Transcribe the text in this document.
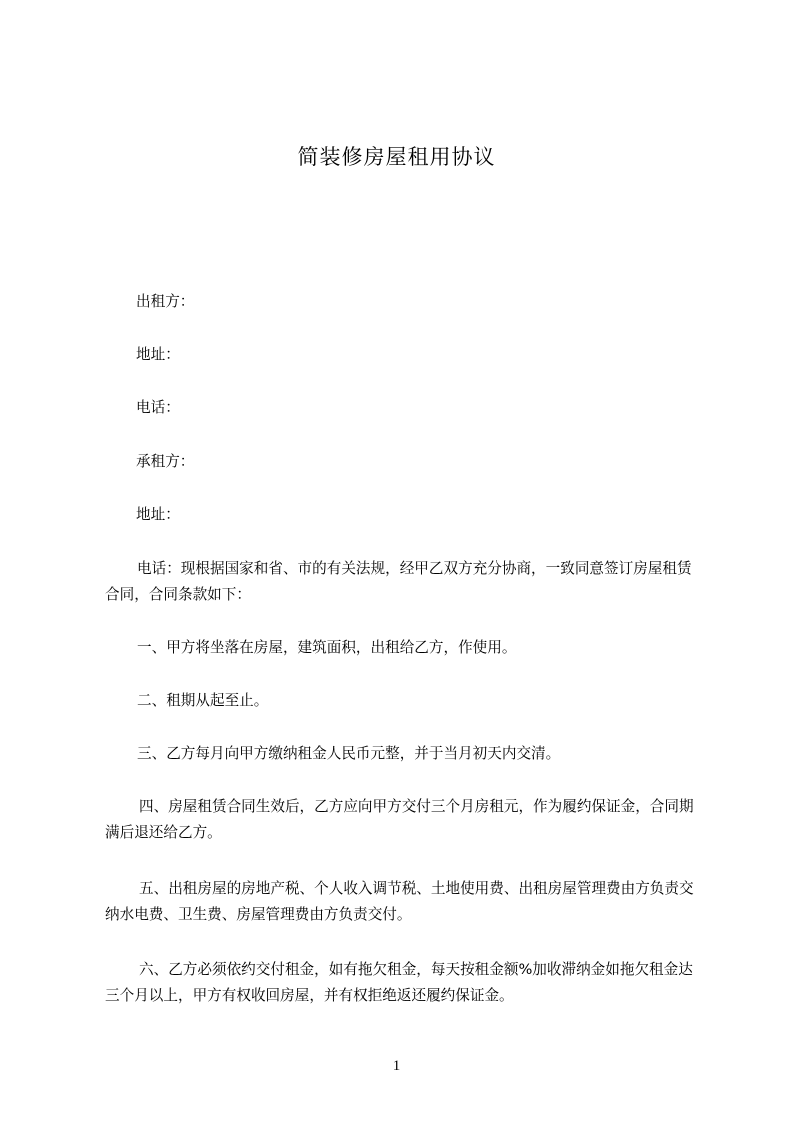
简装修房屋租用协议
出租方：
地址：
电话：
承租方：
地址：
电话：现根据国家和省、市的有关法规，经甲乙双方充分协商，一致同意签订房屋租赁合同，合同条款如下：
一、甲方将坐落在房屋，建筑面积，出租给乙方，作使用。
二、租期从起至止。
三、乙方每月向甲方缴纳租金人民币元整，并于当月初天内交清。
四、房屋租赁合同生效后，乙方应向甲方交付三个月房租元，作为履约保证金，合同期满后退还给乙方。
五、出租房屋的房地产税、个人收入调节税、土地使用费、出租房屋管理费由方负责交纳水电费、卫生费、房屋管理费由方负责交付。
六、乙方必须依约交付租金，如有拖欠租金，每天按租金额%加收滞纳金如拖欠租金达三个月以上，甲方有权收回房屋，并有权拒绝返还履约保证金。
1
